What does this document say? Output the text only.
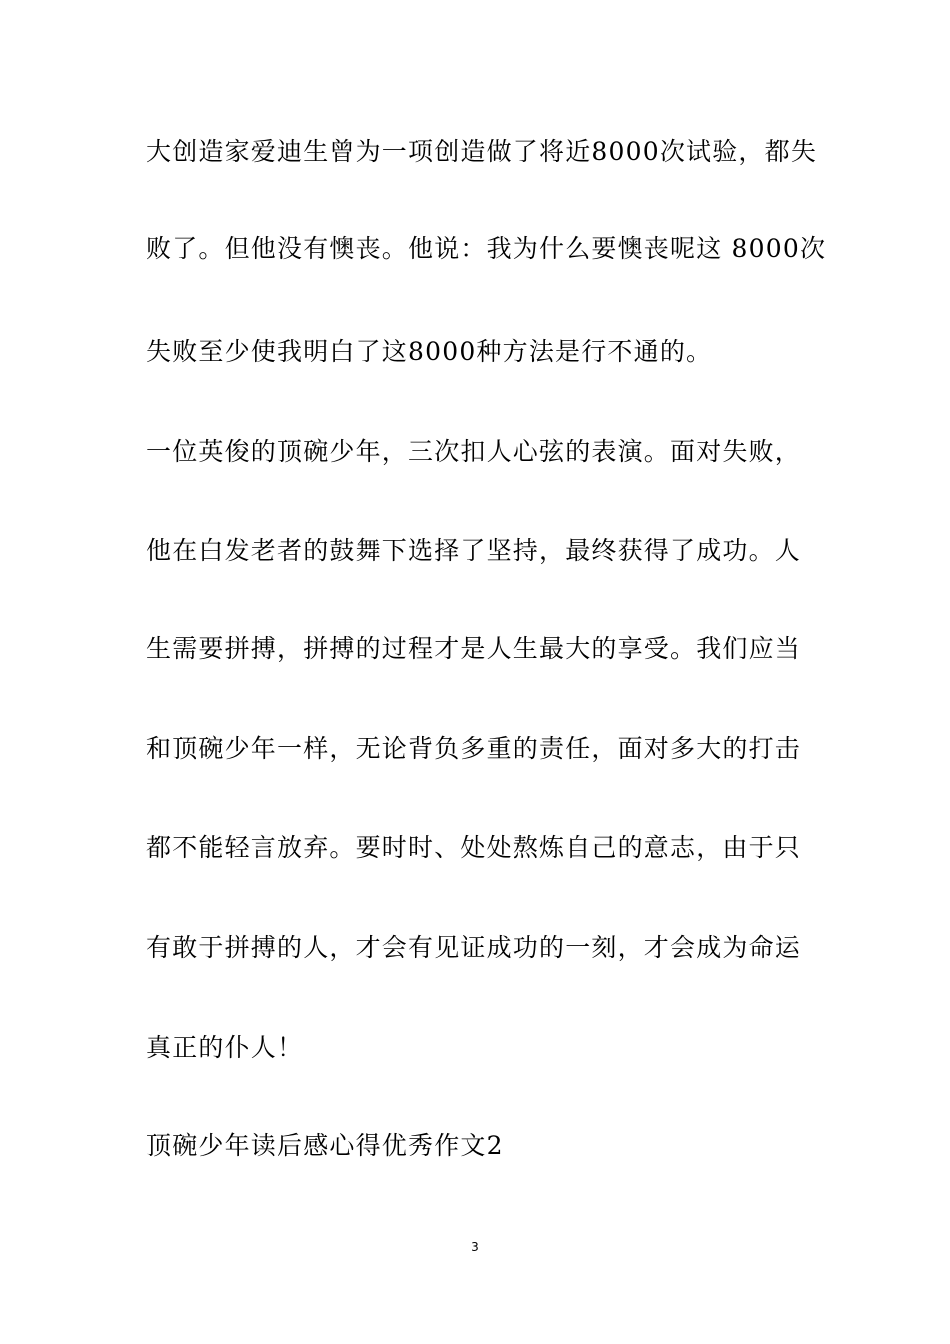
大创造家爱迪生曾为一项创造做了将近8000次试验，都失
败了。但他没有懊丧。他说：我为什么要懊丧呢这 8000次
失败至少使我明白了这8000种方法是行不通的。
一位英俊的顶碗少年，三次扣人心弦的表演。面对失败，
他在白发老者的鼓舞下选择了坚持，最终获得了成功。人
生需要拼搏，拼搏的过程才是人生最大的享受。我们应当
和顶碗少年一样，无论背负多重的责任，面对多大的打击
都不能轻言放弃。要时时、处处熬炼自己的意志，由于只
有敢于拼搏的人，才会有见证成功的一刻，才会成为命运
真正的仆人！
顶碗少年读后感心得优秀作文2
3
